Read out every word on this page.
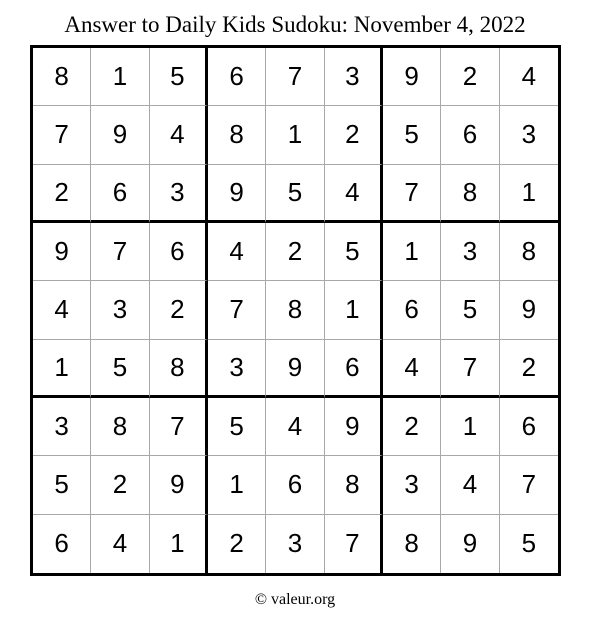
Answer to Daily Kids Sudoku: November 4, 2022
8	1	5	6	7	3	9	2	4
7	9	4	8	1	2	5	6	3
2	6	3	9	5	4	7	8	1
9	7	6	4	2	5	1	3	8
4	3	2	7	8	1	6	5	9
1	5	8	3	9	6	4	7	2
3	8	7	5	4	9	2	1	6
5	2	9	1	6	8	3	4	7
6	4	1	2	3	7	8	9	5
© valeur.org
